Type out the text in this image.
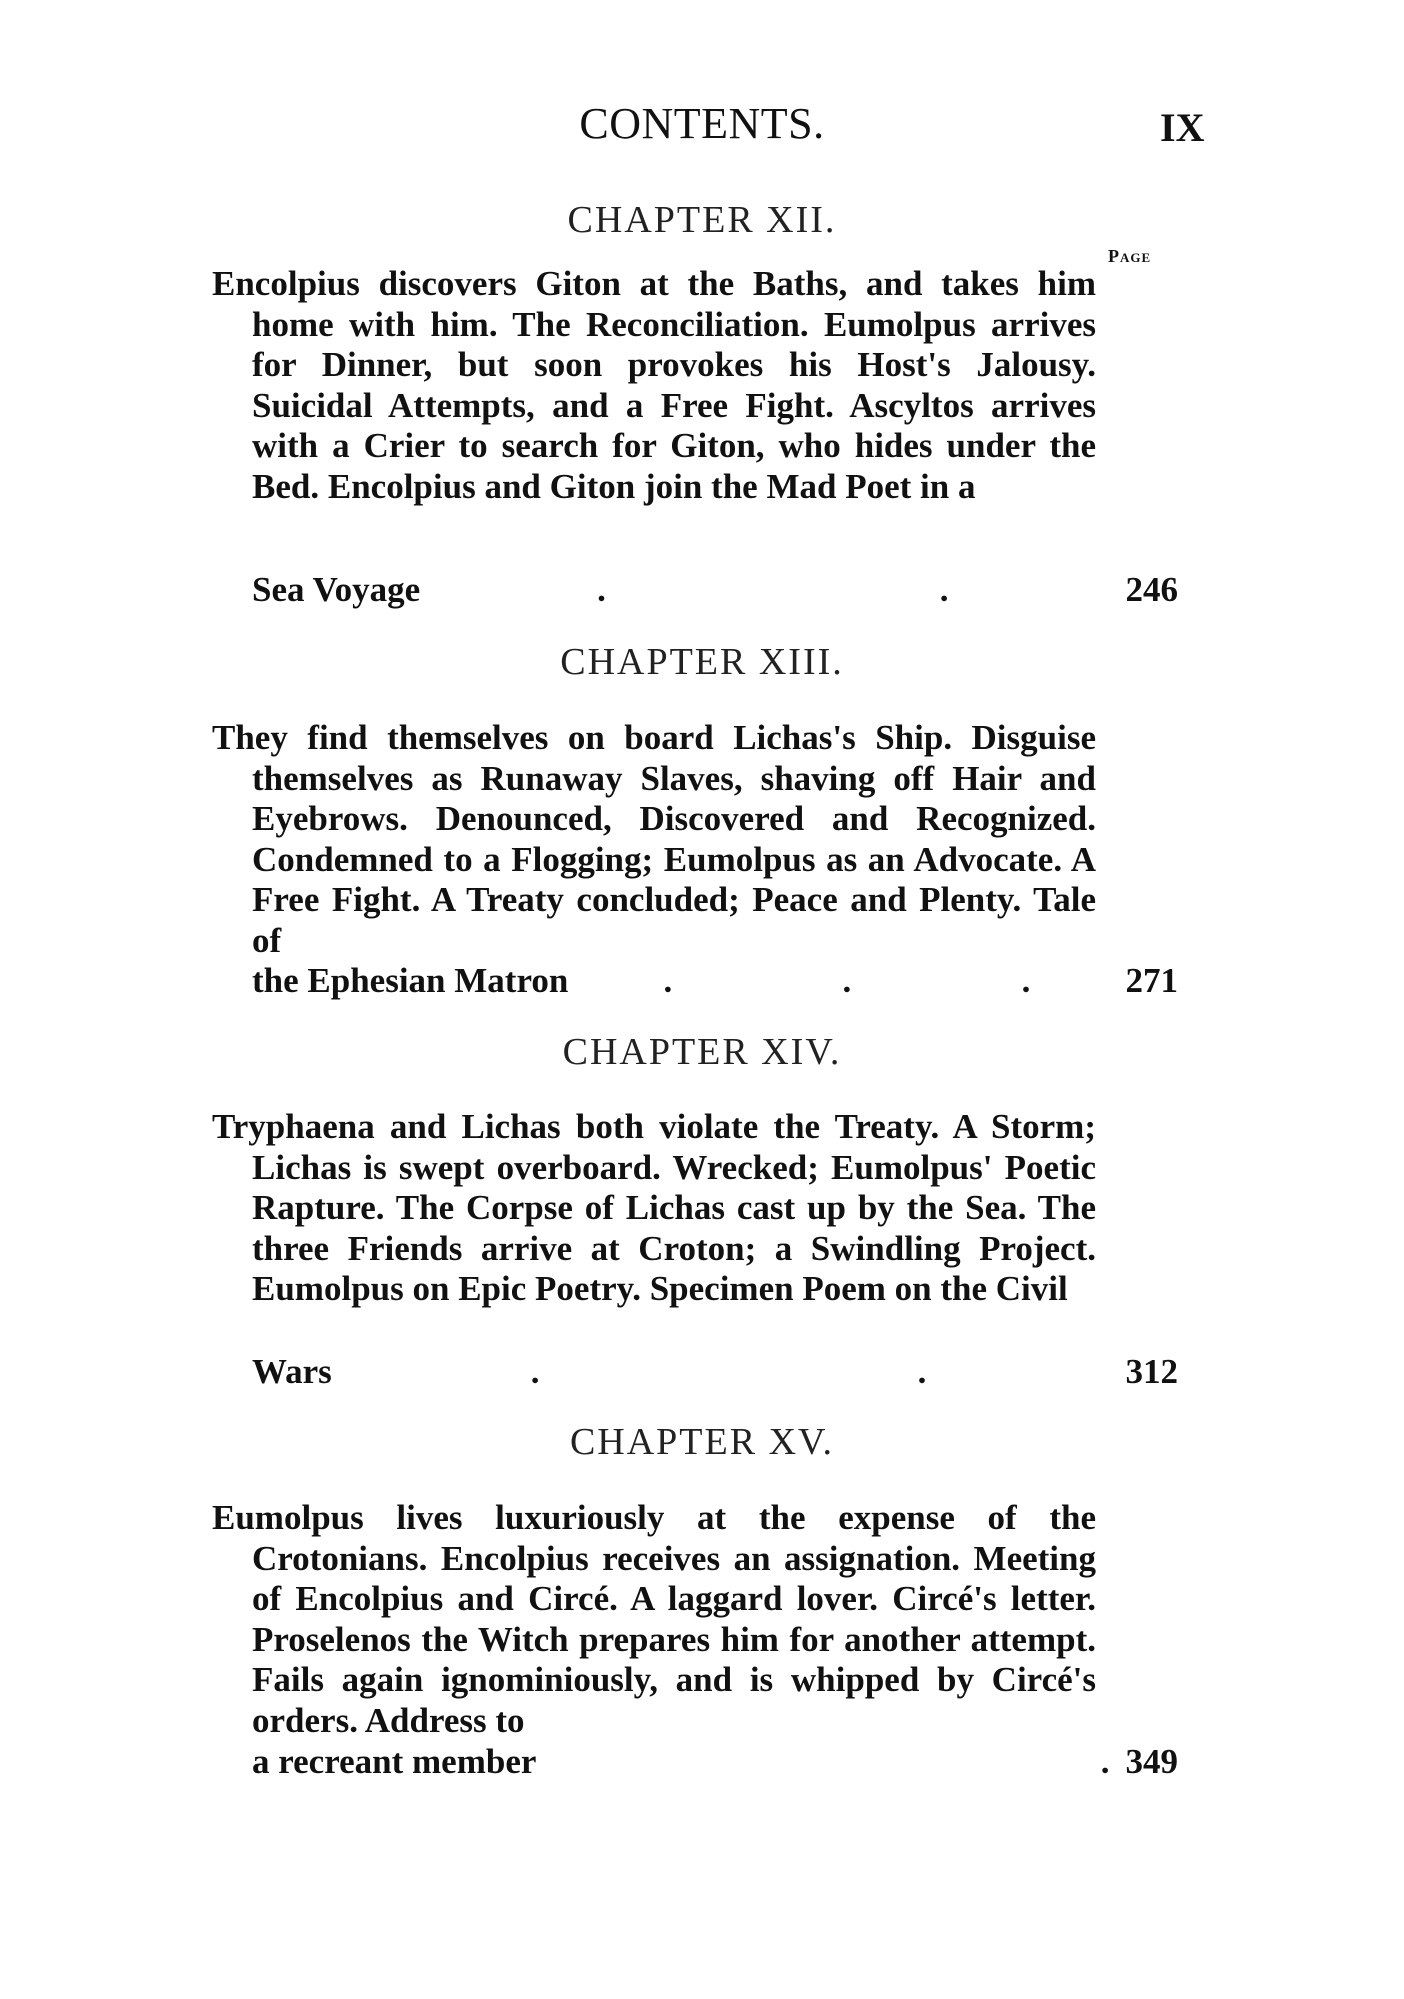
CONTENTS.	IX
CHAPTER XII.
Page

Encolpius discovers Giton at the Baths, and takes him home with him. The Reconciliation. Eumolpus arrives for Dinner, but soon provokes his Host's Jalousy. Suicidal Attempts, and a Free Fight. Ascyltos arrives with a Crier to search for Giton, who hides under the Bed. Encolpius and Giton join the Mad Poet in a

Sea Voyage	.	.	246
CHAPTER XIII.

They find themselves on board Lichas's Ship. Disguise themselves as Runaway Slaves, shaving off Hair and Eyebrows. Denounced, Discovered and Recognized. Condemned to a Flogging; Eumolpus as an Advocate. A Free Fight. A Treaty concluded; Peace and Plenty. Tale of

the Ephesian Matron	.	.	.	271
CHAPTER XIV.

Tryphaena and Lichas both violate the Treaty. A Storm; Lichas is swept overboard. Wrecked; Eumolpus' Poetic Rapture. The Corpse of Lichas cast up by the Sea. The three Friends arrive at Croton; a Swindling Project. Eumolpus on Epic Poetry. Specimen Poem on the Civil

Wars	.	.	312
CHAPTER XV.

Eumolpus lives luxuriously at the expense of the Crotonians. Encolpius receives an assignation. Meeting of Encolpius and Circé. A laggard lover. Circé's letter. Proselenos the Witch prepares him for another attempt. Fails again ignominiously, and is whipped by Circé's orders. Address to

a recreant member	. 349
